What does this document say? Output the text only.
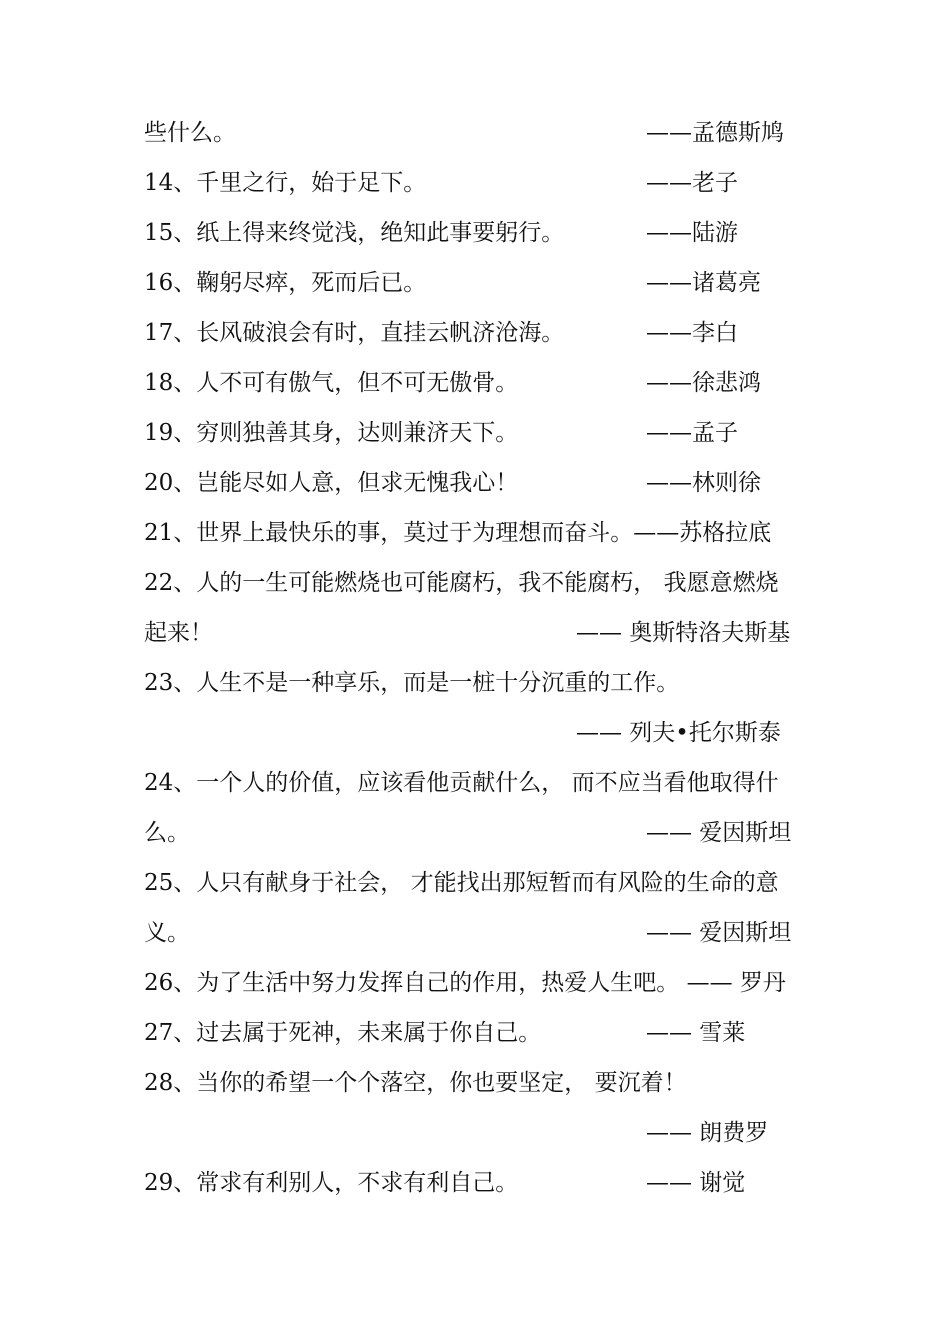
些什么。	——孟德斯鸠
14、千里之行，始于足下。	——老子
15、纸上得来终觉浅，绝知此事要躬行。	——陆游
16、鞠躬尽瘁，死而后已。	——诸葛亮
17、长风破浪会有时，直挂云帆济沧海。	——李白
18、人不可有傲气，但不可无傲骨。	——徐悲鸿
19、穷则独善其身，达则兼济天下。	——孟子
20、岂能尽如人意，但求无愧我心！	——林则徐
21、世界上最快乐的事，莫过于为理想而奋斗。——苏格拉底
22、人的一生可能燃烧也可能腐朽，我不能腐朽， 我愿意燃烧
起来！	—— 奥斯特洛夫斯基
23、人生不是一种享乐，而是一桩十分沉重的工作。
—— 列夫•托尔斯泰
24、一个人的价值，应该看他贡献什么， 而不应当看他取得什
么。	—— 爱因斯坦
25、人只有献身于社会， 才能找出那短暂而有风险的生命的意
义。	—— 爱因斯坦
26、为了生活中努力发挥自己的作用，热爱人生吧。 —— 罗丹
27、过去属于死神，未来属于你自己。	—— 雪莱
28、当你的希望一个个落空，你也要坚定， 要沉着！
—— 朗费罗
29、常求有利别人，不求有利自己。	—— 谢觉
